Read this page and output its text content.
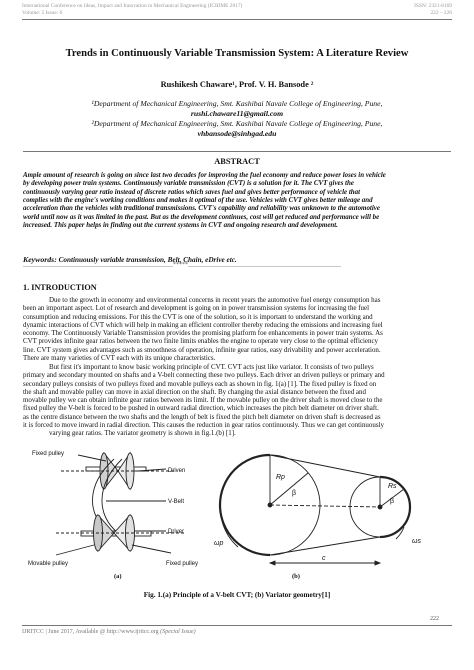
International Conference on Ideas, Impact and Innovation in Mechanical Engineering (ICIIIME 2017)
Volume: 5 Issue: 6
ISSN: 2321-8169
222 – 226
Trends in Continuously Variable Transmission System: A Literature Review
Rushikesh Chaware¹, Prof. V. H. Bansode ²
¹Department of Mechanical Engineering, Smt. Kashibai Navale College of Engineering, Pune,
rushi.chaware11@gmail.com
²Department of Mechanical Engineering, Smt. Kashibai Navale College of Engineering, Pune,
vhbansode@sinhgad.edu
ABSTRACT
Ample amount of research is going on since last two decades for improving the fuel economy and reduce power loses in vehicle
by developing power train systems. Continuously variable transmission (CVT) is a solution for it. The CVT gives the
continuously varying gear ratio instead of discrete ratios which saves fuel and gives better performance of vehicle that
complies with the engine's working conditions and makes it optimal of the use. Vehicles with CVT gives better mileage and
acceleration than the vehicles with traditional transmissions. CVT's capability and reliability was unknown to the automotive
world until now as it was limited in the past. But as the development continues, cost will get reduced and performance will be
increased. This paper helps in finding out the current systems in CVT and ongoing research and development.
Keywords: Continuously variable transmission, Belt, Chain, eDrive etc.
__________________________________________________*****___________________________________________________
1. INTRODUCTION
Due to the growth in economy and environmental concerns in recent years the automotive fuel energy consumption has
been an important aspect. Lot of research and development is going on in power transmission systems for increasing the fuel
consumption and reducing emissions. For this the CVT is one of the solution, so it is important to understand the working and
dynamic interactions of CVT which will help in making an efficient controller thereby reducing the emissions and increasing fuel
economy. The Continuously Variable Transmission provides the promising platform foe enhancements in power train systems. As
CVT provides infinite gear ratios between the two finite limits enables the engine to operate very close to the optimal efficiency
line. CVT system gives advantages such as smoothness of operation, infinite gear ratios, easy drivability and power acceleration.
There are many varieties of CVT each with its unique characteristics.
But first it's important to know basic working principle of CVT. CVT acts just like variator. It consists of two pulleys
primary and secondary mounted on shafts and a V-belt connecting these two pulleys. Each driver an driven pulleys or primary and
secondary pulleys consists of two pulleys fixed and movable pulleys each as shown in fig. 1(a) [1]. The fixed pulley is fixed on
the shaft and movable pulley can move in axial direction on the shaft. By changing the axial distance between the fixed and
movable pulley we can obtain infinite gear ratios between its limit. If the movable pulley on the driver shaft is moved close to the
fixed pulley the V-belt is forced to be pushed in outward radial direction, which increases the pitch belt diameter on driver shaft.
as the centre distance between the two shafts and the length of belt is fixed the pitch belt diameter on driven shaft is decreased as
it is forced to move inward in radial direction. This causes the reduction in gear ratios continuously. Thus we can get continuously
varying gear ratios. The variator geometry is shown in fig.1.(b) [1].
Fixed pulley
Driven
V-Belt
Driver
Movable pulley	Fixed pulley
Rp
Rs
β
β
ωp	ωs
c
(a)	(b)
Fig. 1.(a) Principle of a V-belt CVT; (b) Variator geometry[1]
222
IJRITCC | June 2017, Available @ http://www.ijritcc.org (Special Issue)
